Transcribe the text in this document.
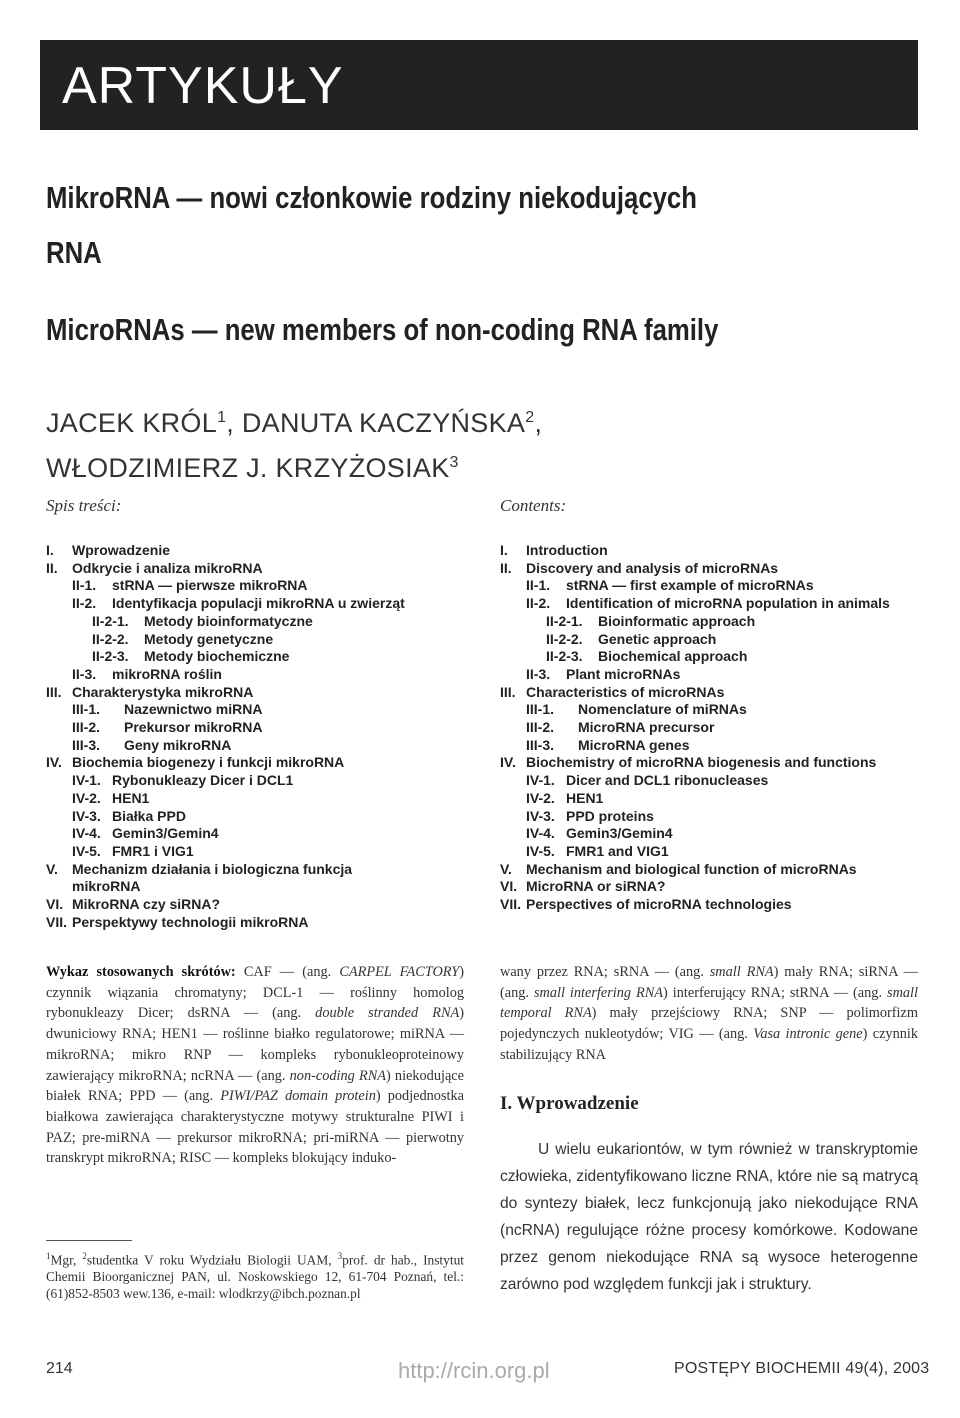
ARTYKUŁY
MikroRNA — nowi członkowie rodziny niekodujących
RNA
MicroRNAs — new members of non-coding RNA family
JACEK KRÓL$^1$, DANUTA KACZYŃSKA$^2$,
WŁODZIMIERZ J. KRZYŻOSIAK$^3$
Spis treści:	Contents:
I. Wprowadzenie
II. Odkrycie i analiza mikroRNA
II-1. stRNA — pierwsze mikroRNA
II-2. Identyfikacja populacji mikroRNA u zwierząt
II-2-1. Metody bioinformatyczne
II-2-2. Metody genetyczne
II-2-3. Metody biochemiczne
II-3. mikroRNA roślin
III. Charakterystyka mikroRNA
III-1. Nazewnictwo miRNA
III-2. Prekursor mikroRNA
III-3. Geny mikroRNA
IV. Biochemia biogenezy i funkcji mikroRNA
IV-1. Rybonukleazy Dicer i DCL1
IV-2. HEN1
IV-3. Białka PPD
IV-4. Gemin3/Gemin4
IV-5. FMR1 i VIG1
V. Mechanizm działania i biologiczna funkcja
mikroRNA
VI. MikroRNA czy siRNA?
VII. Perspektywy technologii mikroRNA
I. Introduction
II. Discovery and analysis of microRNAs
II-1. stRNA — first example of microRNAs
II-2. Identification of microRNA population in animals
II-2-1. Bioinformatic approach
II-2-2. Genetic approach
II-2-3. Biochemical approach
II-3. Plant microRNAs
III. Characteristics of microRNAs
III-1. Nomenclature of miRNAs
III-2. MicroRNA precursor
III-3. MicroRNA genes
IV. Biochemistry of microRNA biogenesis and functions
IV-1. Dicer and DCL1 ribonucleases
IV-2. HEN1
IV-3. PPD proteins
IV-4. Gemin3/Gemin4
IV-5. FMR1 and VIG1
V. Mechanism and biological function of microRNAs
VI. MicroRNA or siRNA?
VII. Perspectives of microRNA technologies
Wykaz stosowanych skrótów: CAF — (ang. CARPEL FACTORY) czynnik wiązania chromatyny; DCL-1 — roślinny homolog rybonukleazy Dicer; dsRNA — (ang. double stranded RNA) dwuniciowy RNA; HEN1 — roślinne białko regulatorowe; miRNA — mikroRNA; mikro RNP — kompleks rybonukleoproteinowy zawierający mikroRNA; ncRNA — (ang. non-coding RNA) niekodujące białek RNA; PPD — (ang. PIWI/PAZ domain protein) podjednostka białkowa zawierająca charakterystyczne motywy strukturalne PIWI i PAZ; pre-miRNA — prekursor mikroRNA; pri-miRNA — pierwotny transkrypt mikroRNA; RISC — kompleks blokujący induko-
wany przez RNA; sRNA — (ang. small RNA) mały RNA; siRNA — (ang. small interfering RNA) interferujący RNA; stRNA — (ang. small temporal RNA) mały przejściowy RNA; SNP — polimorfizm pojedynczych nukleotydów; VIG — (ang. Vasa intronic gene) czynnik stabilizujący RNA
I. Wprowadzenie
U wielu eukariontów, w tym również w transkryptomie człowieka, zidentyfikowano liczne RNA, które nie są matrycą do syntezy białek, lecz funkcjonują jako niekodujące RNA (ncRNA) regulujące różne procesy komórkowe. Kodowane przez genom niekodujące RNA są wysoce heterogenne zarówno pod względem funkcji jak i struktury.
$^1$Mgr, $^2$studentka V roku Wydziału Biologii UAM, $^3$prof. dr hab., Instytut Chemii Bioorganicznej PAN, ul. Noskowskiego 12, 61-704 Poznań, tel.: (61)852-8503 wew.136, e-mail: wlodkrzy@ibch.poznan.pl
214	http://rcin.org.pl	POSTĘPY BIOCHEMII 49(4), 2003
